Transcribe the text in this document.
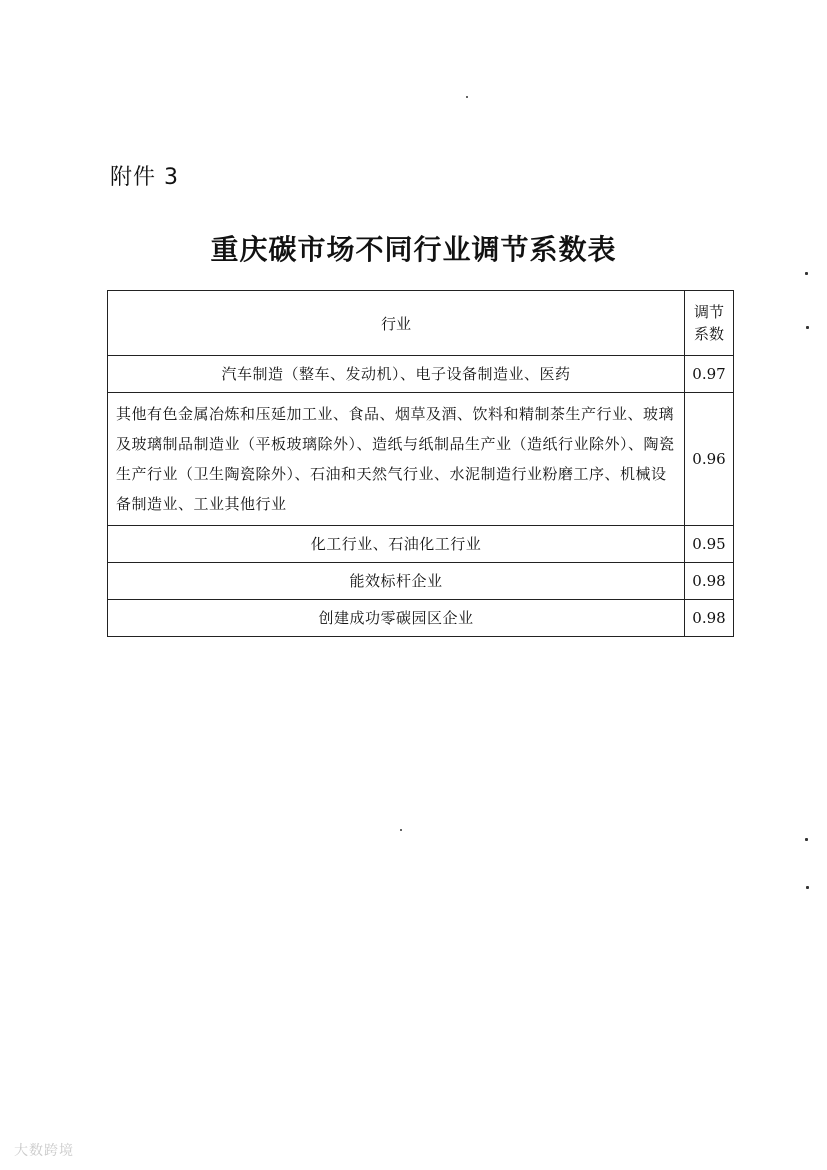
附件 3
重庆碳市场不同行业调节系数表
行业	调节
系数
汽车制造（整车、发动机）、电子设备制造业、医药	0.97
其他有色金属冶炼和压延加工业、食品、烟草及酒、饮料和精制茶生产行业、玻璃及玻璃制品制造业（平板玻璃除外）、造纸与纸制品生产业（造纸行业除外）、陶瓷生产行业（卫生陶瓷除外）、石油和天然气行业、水泥制造行业粉磨工序、机械设备制造业、工业其他行业	0.96
化工行业、石油化工行业	0.95
能效标杆企业	0.98
创建成功零碳园区企业	0.98
大数跨境
